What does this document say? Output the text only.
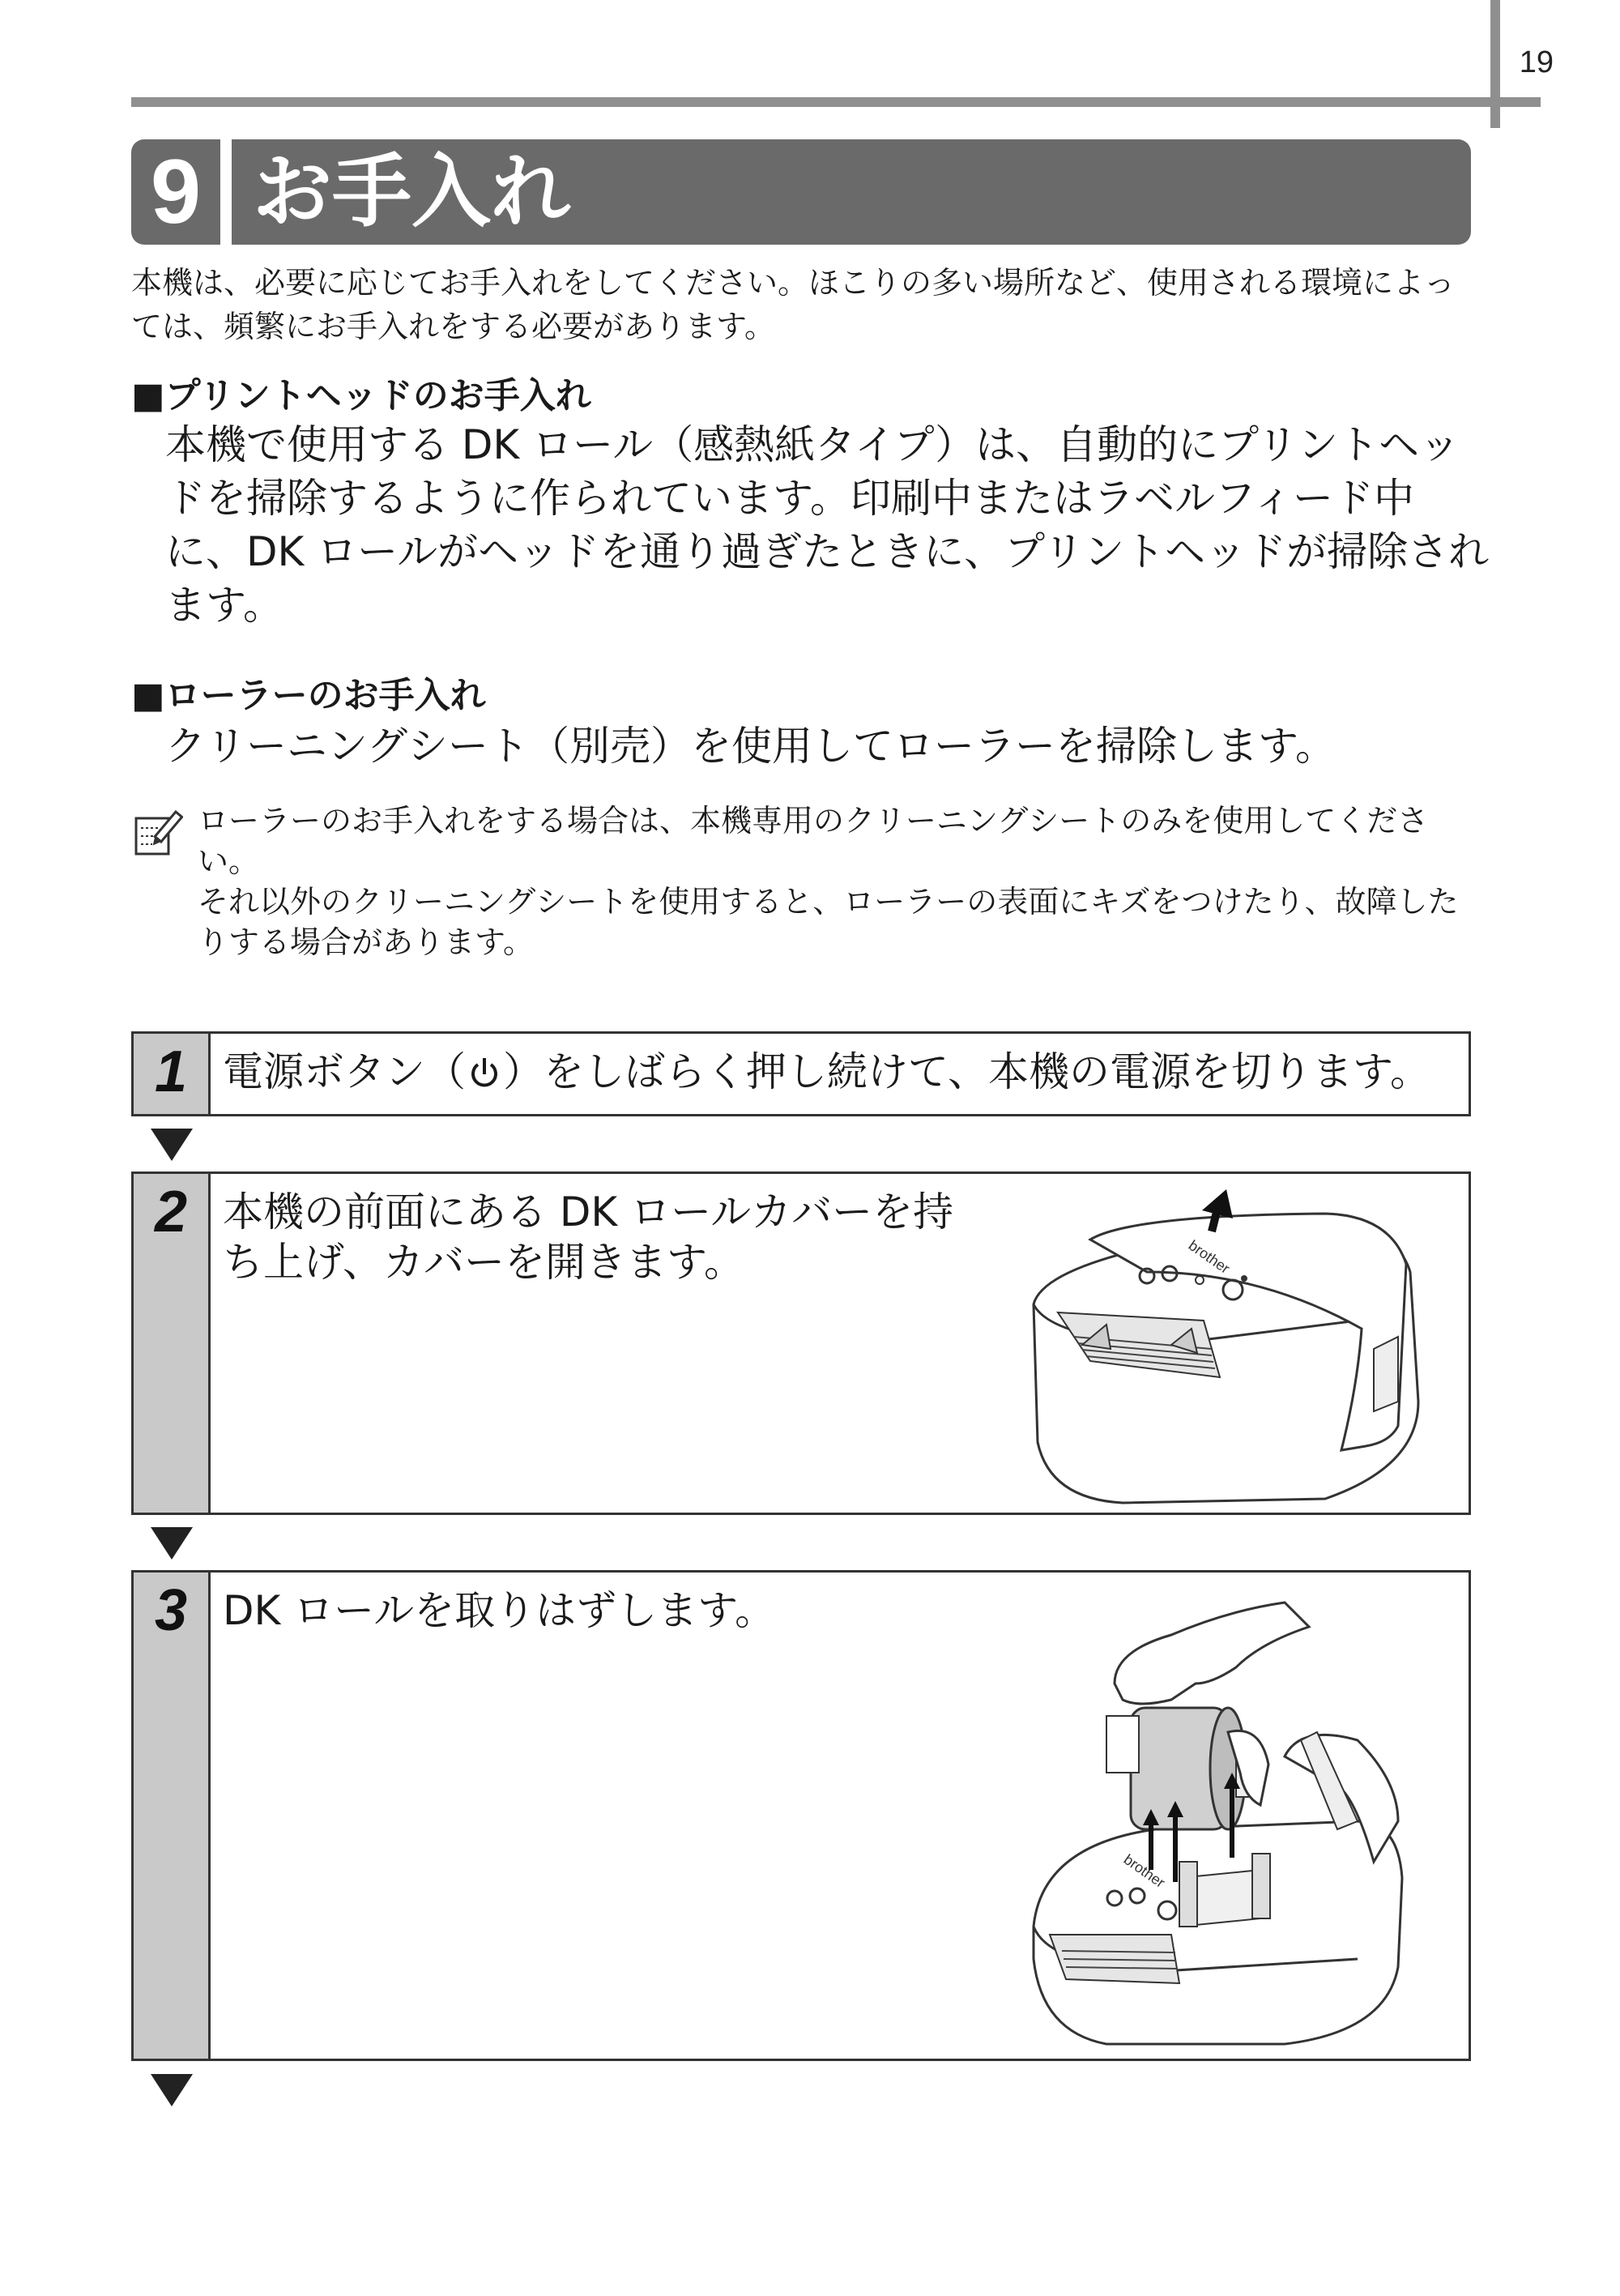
19
9 お手入れ
本機は、必要に応じてお手入れをしてください。ほこりの多い場所など、使用される環境によっては、頻繁にお手入れをする必要があります。
■プリントヘッドのお手入れ
本機で使用する DK ロール（感熱紙タイプ）は、自動的にプリントヘッドを掃除するように作られています。印刷中またはラベルフィード中に、DK ロールがヘッドを通り過ぎたときに、プリントヘッドが掃除されます。
■ローラーのお手入れ
クリーニングシート（別売）を使用してローラーを掃除します。
ローラーのお手入れをする場合は、本機専用のクリーニングシートのみを使用してください。
それ以外のクリーニングシートを使用すると、ローラーの表面にキズをつけたり、故障したりする場合があります。
1 電源ボタン（ ）をしばらく押し続けて、本機の電源を切ります。
2 本機の前面にある DK ロールカバーを持ち上げ、カバーを開きます。	brother
3 DK ロールを取りはずします。
brother
